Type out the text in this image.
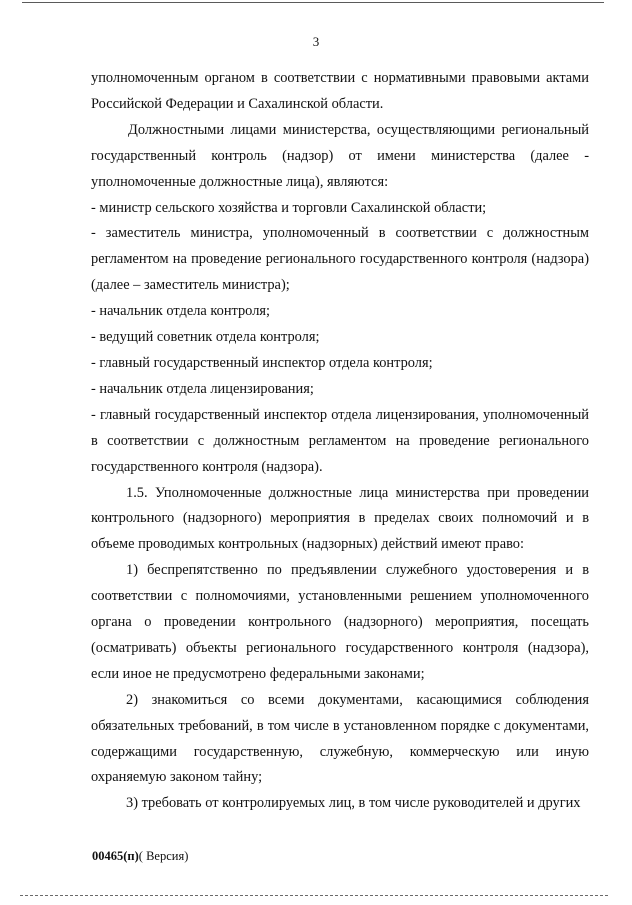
3

уполномоченным органом в соответствии с нормативными правовыми актами Российской Федерации и Сахалинской области.

Должностными лицами министерства, осуществляющими региональный государственный контроль (надзор) от имени министерства (далее - уполномоченные должностные лица), являются:

- министр сельского хозяйства и торговли Сахалинской области;

- заместитель министра, уполномоченный в соответствии с должностным регламентом на проведение регионального государственного контроля (надзора) (далее – заместитель министра);

- начальник отдела контроля;

- ведущий советник отдела контроля;

- главный государственный инспектор отдела контроля;

- начальник отдела лицензирования;

- главный государственный инспектор отдела лицензирования, уполномоченный в соответствии с должностным регламентом на проведение регионального государственного контроля (надзора).

1.5. Уполномоченные должностные лица министерства при проведении контрольного (надзорного) мероприятия в пределах своих полномочий и в объеме проводимых контрольных (надзорных) действий имеют право:

1) беспрепятственно по предъявлении служебного удостоверения и в соответствии с полномочиями, установленными решением уполномоченного органа о проведении контрольного (надзорного) мероприятия, посещать (осматривать) объекты регионального государственного контроля (надзора), если иное не предусмотрено федеральными законами;

2) знакомиться со всеми документами, касающимися соблюдения обязательных требований, в том числе в установленном порядке с документами, содержащими государственную, служебную, коммерческую или иную охраняемую законом тайну;

3) требовать от контролируемых лиц, в том числе руководителей и других

00465(п)( Версия)
